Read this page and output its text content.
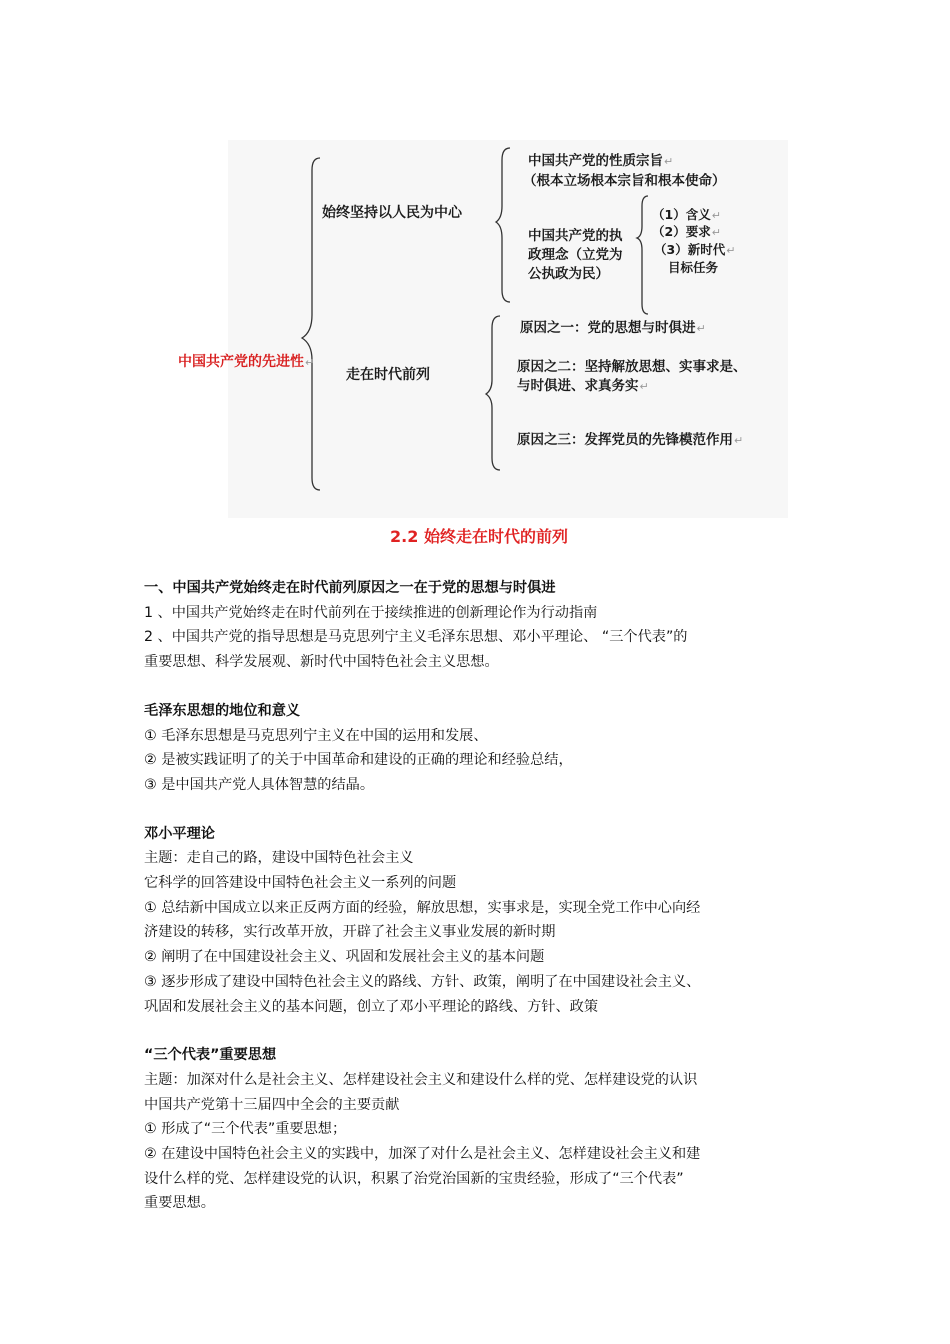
中国共产党的先进性↵
始终坚持以人民为中心
走在时代前列
中国共产党的性质宗旨↵
（根本立场根本宗旨和根本使命）
中国共产党的执
政理念（立党为
公执政为民）
（1）含义↵
（2）要求↵
（3）新时代↵
目标任务
原因之一：党的思想与时俱进↵
原因之二：坚持解放思想、实事求是、
与时俱进、求真务实↵
原因之三：发挥党员的先锋模范作用↵
2.2 始终走在时代的前列
一、中国共产党始终走在时代前列原因之一在于党的思想与时俱进
1 、中国共产党始终走在时代前列在于接续推进的创新理论作为行动指南
2 、中国共产党的指导思想是马克思列宁主义毛泽东思想、邓小平理论、 “三个代表”的
重要思想、科学发展观、新时代中国特色社会主义思想。
毛泽东思想的地位和意义
① 毛泽东思想是马克思列宁主义在中国的运用和发展、
② 是被实践证明了的关于中国革命和建设的正确的理论和经验总结，
③ 是中国共产党人具体智慧的结晶。
邓小平理论
主题：走自己的路，建设中国特色社会主义
它科学的回答建设中国特色社会主义一系列的问题
① 总结新中国成立以来正反两方面的经验，解放思想，实事求是，实现全党工作中心向经
济建设的转移，实行改革开放，开辟了社会主义事业发展的新时期
② 阐明了在中国建设社会主义、巩固和发展社会主义的基本问题
③ 逐步形成了建设中国特色社会主义的路线、方针、政策，阐明了在中国建设社会主义、
巩固和发展社会主义的基本问题，创立了邓小平理论的路线、方针、政策
“三个代表”重要思想
主题：加深对什么是社会主义、怎样建设社会主义和建设什么样的党、怎样建设党的认识
中国共产党第十三届四中全会的主要贡献
① 形成了“三个代表”重要思想；
② 在建设中国特色社会主义的实践中，加深了对什么是社会主义、怎样建设社会主义和建
设什么样的党、怎样建设党的认识，积累了治党治国新的宝贵经验，形成了“三个代表”
重要思想。
